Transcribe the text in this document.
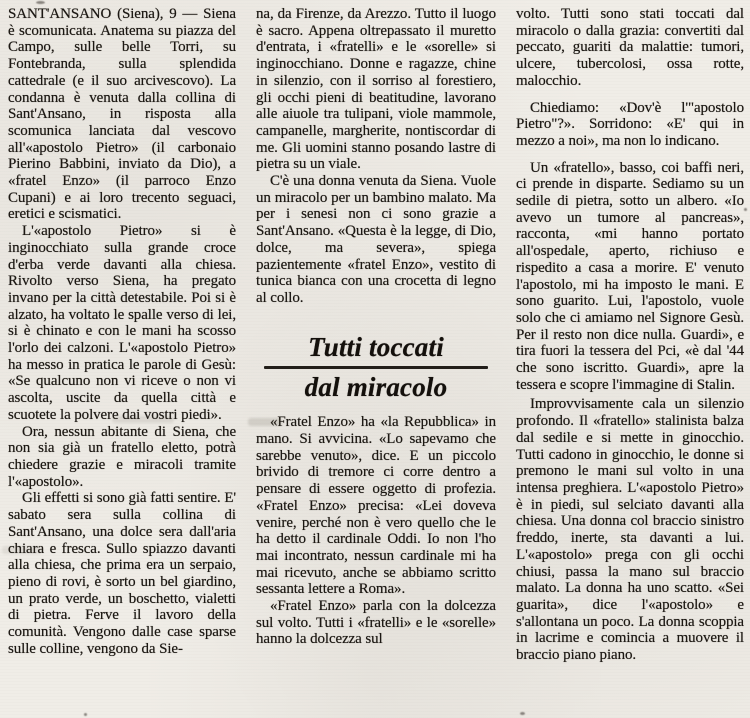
SANT'ANSANO (Siena), 9 — Siena è scomunicata. Anatema su piazza del Campo, sulle belle Torri, su Fontebranda, sulla splendida cattedrale (e il suo arcivescovo). La condanna è venuta dalla collina di Sant'Ansano, in risposta alla scomunica lanciata dal vescovo all'«apostolo Pietro» (il carbonaio Pierino Babbini, inviato da Dio), a «fratel Enzo» (il parroco Enzo Cupani) e ai loro trecento seguaci, eretici e scismatici.

L'«apostolo Pietro» si è inginocchiato sulla grande croce d'erba verde davanti alla chiesa. Rivolto verso Siena, ha pregato invano per la città detestabile. Poi si è alzato, ha voltato le spalle verso di lei, si è chinato e con le mani ha scosso l'orlo dei calzoni. L'«apostolo Pietro» ha messo in pratica le parole di Gesù: «Se qualcuno non vi riceve o non vi ascolta, uscite da quella città e scuotete la polvere dai vostri piedi».

Ora, nessun abitante di Siena, che non sia già un fratello eletto, potrà chiedere grazie e miracoli tramite l'«apostolo».

Gli effetti si sono già fatti sentire. E' sabato sera sulla collina di Sant'Ansano, una dolce sera dall'aria chiara e fresca. Sullo spiazzo davanti alla chiesa, che prima era un serpaio, pieno di rovi, è sorto un bel giardino, un prato verde, un boschetto, vialetti di pietra. Ferve il lavoro della comunità. Vengono dalle case sparse sulle colline, vengono da Sie-

na, da Firenze, da Arezzo. Tutto il luogo è sacro. Appena oltrepassato il muretto d'entrata, i «fratelli» e le «sorelle» si inginocchiano. Donne e ragazze, chine in silenzio, con il sorriso al forestiero, gli occhi pieni di beatitudine, lavorano alle aiuole tra tulipani, viole mammole, campanelle, margherite, nontiscordar di me. Gli uomini stanno posando lastre di pietra su un viale.

C'è una donna venuta da Siena. Vuole un miracolo per un bambino malato. Ma per i senesi non ci sono grazie a Sant'Ansano. «Questa è la legge, di Dio, dolce, ma severa», spiega pazientemente «fratel Enzo», vestito di tunica bianca con una crocetta di legno al collo.

Tutti toccati
dal miracolo

«Fratel Enzo» ha «la Repubblica» in mano. Si avvicina. «Lo sapevamo che sarebbe venuto», dice. E un piccolo brivido di tremore ci corre dentro a pensare di essere oggetto di profezia. «Fratel Enzo» precisa: «Lei doveva venire, perché non è vero quello che le ha detto il cardinale Oddi. Io non l'ho mai incontrato, nessun cardinale mi ha mai ricevuto, anche se abbiamo scritto sessanta lettere a Roma».

«Fratel Enzo» parla con la dolcezza sul volto. Tutti i «fratelli» e le «sorelle» hanno la dolcezza sul

volto. Tutti sono stati toccati dal miracolo o dalla grazia: convertiti dal peccato, guariti da malattie: tumori, ulcere, tubercolosi, ossa rotte, malocchio.

Chiediamo: «Dov'è l'"apostolo Pietro"?». Sorridono: «E' qui in mezzo a noi», ma non lo indicano.

Un «fratello», basso, coi baffi neri, ci prende in disparte. Sediamo su un sedile di pietra, sotto un albero. «Io avevo un tumore al pancreas», racconta, «mi hanno portato all'ospedale, aperto, richiuso e rispedito a casa a morire. E' venuto l'apostolo, mi ha imposto le mani. E sono guarito. Lui, l'apostolo, vuole solo che ci amiamo nel Signore Gesù. Per il resto non dice nulla. Guardi», e tira fuori la tessera del Pci, «è dal '44 che sono iscritto. Guardi», apre la tessera e scopre l'immagine di Stalin.

Improvvisamente cala un silenzio profondo. Il «fratello» stalinista balza dal sedile e si mette in ginocchio. Tutti cadono in ginocchio, le donne si premono le mani sul volto in una intensa preghiera. L'«apostolo Pietro» è in piedi, sul selciato davanti alla chiesa. Una donna col braccio sinistro freddo, inerte, sta davanti a lui. L'«apostolo» prega con gli occhi chiusi, passa la mano sul braccio malato. La donna ha uno scatto. «Sei guarita», dice l'«apostolo» e s'allontana un poco. La donna scoppia in lacrime e comincia a muovere il braccio piano piano.
